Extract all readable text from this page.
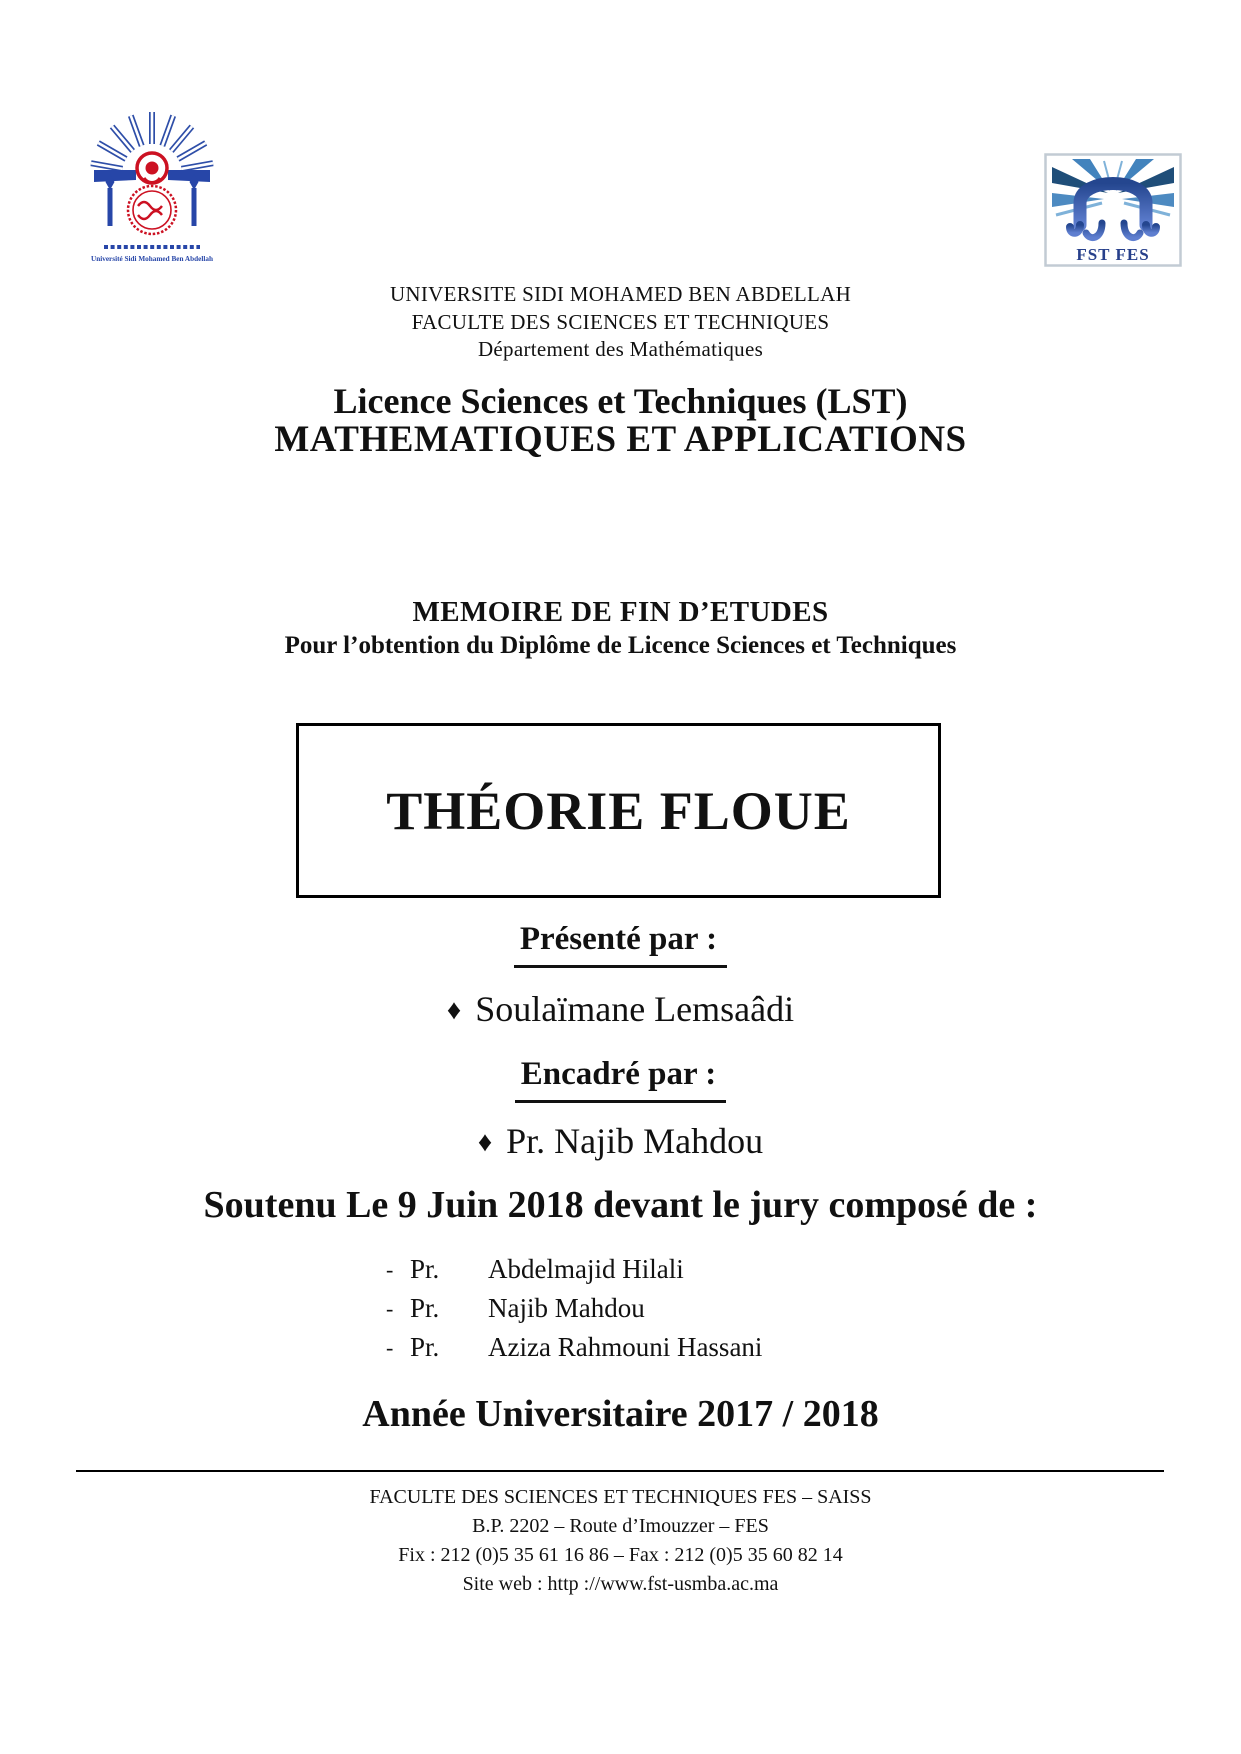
Université Sidi Mohamed Ben Abdellah	FST FES
UNIVERSITE SIDI MOHAMED BEN ABDELLAH
FACULTE DES SCIENCES ET TECHNIQUES
Département des Mathématiques
Licence Sciences et Techniques (LST)
MATHEMATIQUES ET APPLICATIONS
MEMOIRE DE FIN D’ETUDES
Pour l’obtention du Diplôme de Licence Sciences et Techniques
THÉORIE FLOUE
Présenté par :
♦ Soulaïmane Lemsaâdi
Encadré par :
♦ Pr. Najib Mahdou
Soutenu Le 9 Juin 2018 devant le jury composé de :
- Pr. Abdelmajid Hilali
- Pr. Najib Mahdou
- Pr. Aziza Rahmouni Hassani
Année Universitaire 2017 / 2018
FACULTE DES SCIENCES ET TECHNIQUES FES – SAISS
B.P. 2202 – Route d’Imouzzer – FES
Fix : 212 (0)5 35 61 16 86 – Fax : 212 (0)5 35 60 82 14
Site web : http ://www.fst-usmba.ac.ma
